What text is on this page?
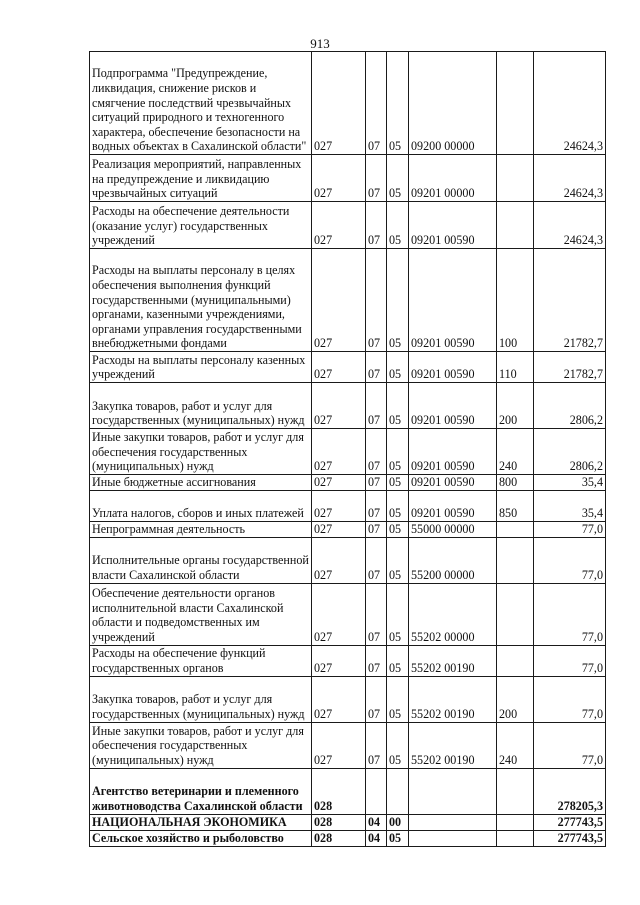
913
Подпрограмма "Предупреждение, ликвидация, снижение рисков и смягчение последствий чрезвычайных ситуаций природного и техногенного характера, обеспечение безопасности на водных объектах в Сахалинской области"	027	07	05	09200 00000		24624,3

Реализация мероприятий, направленных на предупреждение и ликвидацию чрезвычайных ситуаций	027	07	05	09201 00000		24624,3

Расходы на обеспечение деятельности (оказание услуг) государственных учреждений	027	07	05	09201 00590		24624,3

Расходы на выплаты персоналу в целях обеспечения выполнения функций государственными (муниципальными) органами, казенными учреждениями, органами управления государственными внебюджетными фондами	027	07	05	09201 00590	100	21782,7

Расходы на выплаты персоналу казенных учреждений	027	07	05	09201 00590	110	21782,7

Закупка товаров, работ и услуг для государственных (муниципальных) нужд	027	07	05	09201 00590	200	2806,2

Иные закупки товаров, работ и услуг для обеспечения государственных (муниципальных) нужд	027	07	05	09201 00590	240	2806,2

Иные бюджетные ассигнования	027	07	05	09201 00590	800	35,4

Уплата налогов, сборов и иных платежей	027	07	05	09201 00590	850	35,4

Непрограммная деятельность	027	07	05	55000 00000		77,0

Исполнительные органы государственной власти Сахалинской области	027	07	05	55200 00000		77,0

Обеспечение деятельности органов исполнительной власти Сахалинской области и подведомственных им учреждений	027	07	05	55202 00000		77,0

Расходы на обеспечение функций государственных органов	027	07	05	55202 00190		77,0

Закупка товаров, работ и услуг для государственных (муниципальных) нужд	027	07	05	55202 00190	200	77,0

Иные закупки товаров, работ и услуг для обеспечения государственных (муниципальных) нужд	027	07	05	55202 00190	240	77,0

Агентство ветеринарии и племенного животноводства Сахалинской области	028					278205,3

НАЦИОНАЛЬНАЯ ЭКОНОМИКА	028	04	00			277743,5

Сельское хозяйство и рыболовство	028	04	05			277743,5
